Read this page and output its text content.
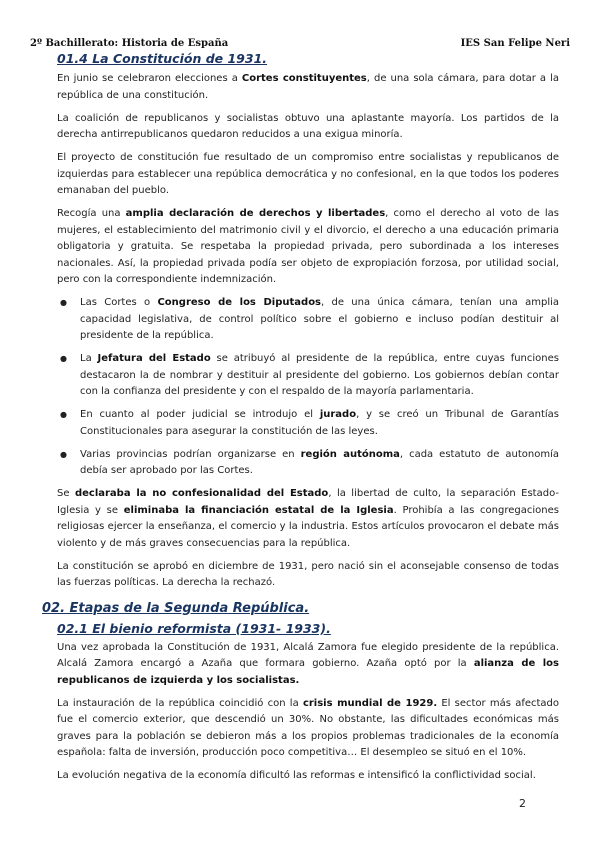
2º Bachillerato: Historia de España	IES San Felipe Neri
01.4 La Constitución de 1931.

En junio se celebraron elecciones a Cortes constituyentes, de una sola cámara, para dotar a la república de una constitución.

La coalición de republicanos y socialistas obtuvo una aplastante mayoría. Los partidos de la derecha antirrepublicanos quedaron reducidos a una exigua minoría.

El proyecto de constitución fue resultado de un compromiso entre socialistas y republicanos de izquierdas para establecer una república democrática y no confesional, en la que todos los poderes emanaban del pueblo.

Recogía una amplia declaración de derechos y libertades, como el derecho al voto de las mujeres, el establecimiento del matrimonio civil y el divorcio, el derecho a una educación primaria obligatoria y gratuita. Se respetaba la propiedad privada, pero subordinada a los intereses nacionales. Así, la propiedad privada podía ser objeto de expropiación forzosa, por utilidad social, pero con la correspondiente indemnización.

● Las Cortes o Congreso de los Diputados, de una única cámara, tenían una amplia capacidad legislativa, de control político sobre el gobierno e incluso podían destituir al presidente de la república.
● La Jefatura del Estado se atribuyó al presidente de la república, entre cuyas funciones destacaron la de nombrar y destituir al presidente del gobierno. Los gobiernos debían contar con la confianza del presidente y con el respaldo de la mayoría parlamentaria.
● En cuanto al poder judicial se introdujo el jurado, y se creó un Tribunal de Garantías Constitucionales para asegurar la constitución de las leyes.
● Varias provincias podrían organizarse en región autónoma, cada estatuto de autonomía debía ser aprobado por las Cortes.

Se declaraba la no confesionalidad del Estado, la libertad de culto, la separación Estado-Iglesia y se eliminaba la financiación estatal de la Iglesia. Prohibía a las congregaciones religiosas ejercer la enseñanza, el comercio y la industria. Estos artículos provocaron el debate más violento y de más graves consecuencias para la república.

La constitución se aprobó en diciembre de 1931, pero nació sin el aconsejable consenso de todas las fuerzas políticas. La derecha la rechazó.

02. Etapas de la Segunda República.
02.1 El bienio reformista (1931- 1933).

Una vez aprobada la Constitución de 1931, Alcalá Zamora fue elegido presidente de la república. Alcalá Zamora encargó a Azaña que formara gobierno. Azaña optó por la alianza de los republicanos de izquierda y los socialistas.

La instauración de la república coincidió con la crisis mundial de 1929. El sector más afectado fue el comercio exterior, que descendió un 30%. No obstante, las dificultades económicas más graves para la población se debieron más a los propios problemas tradicionales de la economía española: falta de inversión, producción poco competitiva… El desempleo se situó en el 10%.

La evolución negativa de la economía dificultó las reformas e intensificó la conflictividad social.

2
